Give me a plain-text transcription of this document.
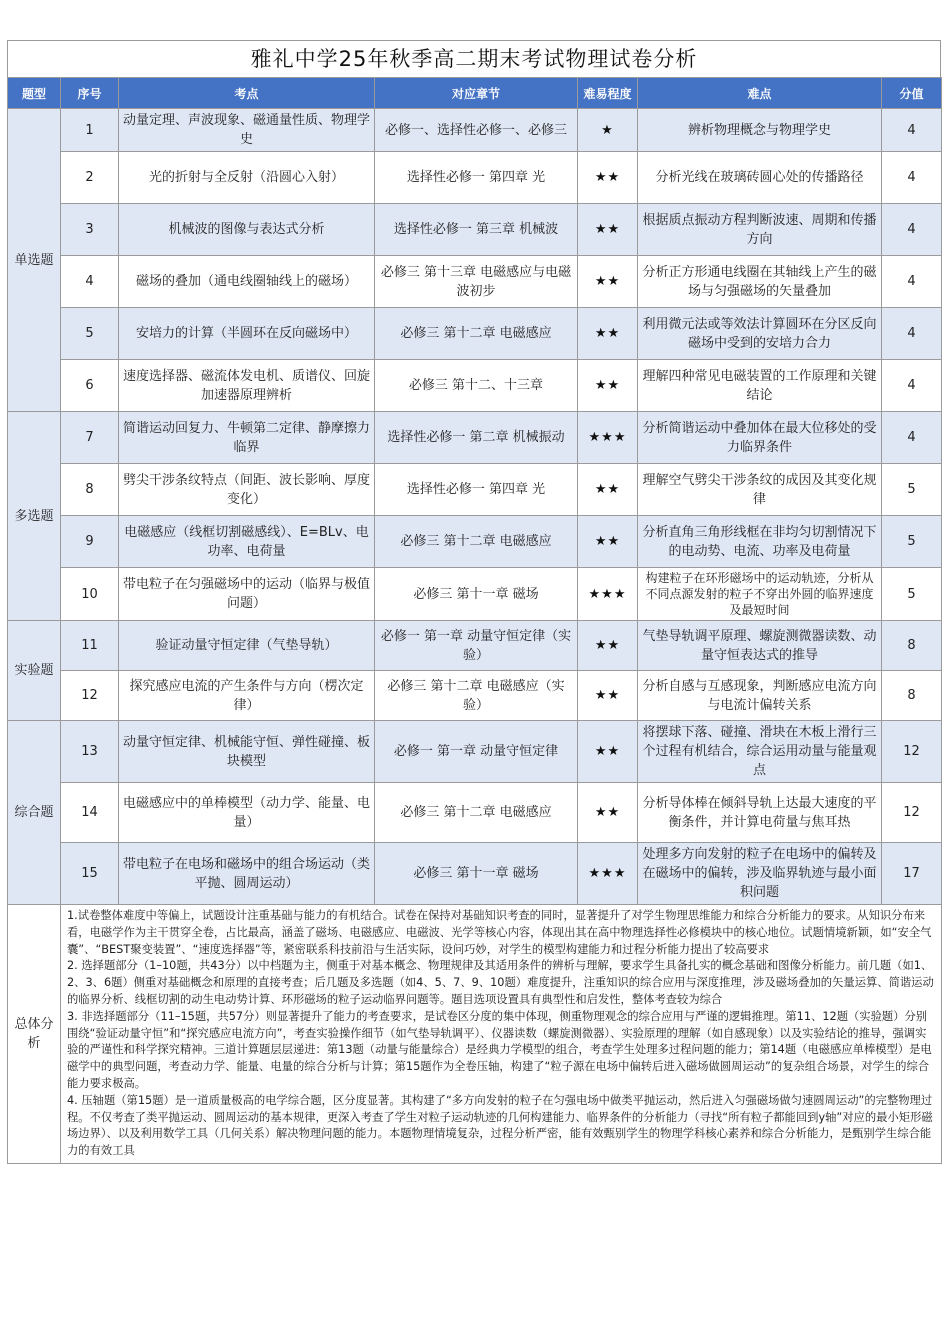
雅礼中学25年秋季高二期末考试物理试卷分析
题型	序号	考点	对应章节	难易程度	难点	分值
单选题	1	动量定理、声波现象、磁通量性质、物理学史	必修一、选择性必修一、必修三	★	辨析物理概念与物理学史	4
	2	光的折射与全反射（沿圆心入射）	选择性必修一 第四章 光	★★	分析光线在玻璃砖圆心处的传播路径	4
	3	机械波的图像与表达式分析	选择性必修一 第三章 机械波	★★	根据质点振动方程判断波速、周期和传播方向	4
	4	磁场的叠加（通电线圈轴线上的磁场）	必修三 第十三章 电磁感应与电磁波初步	★★	分析正方形通电线圈在其轴线上产生的磁场与匀强磁场的矢量叠加	4
	5	安培力的计算（半圆环在反向磁场中）	必修三 第十二章 电磁感应	★★	利用微元法或等效法计算圆环在分区反向磁场中受到的安培力合力	4
	6	速度选择器、磁流体发电机、质谱仪、回旋加速器原理辨析	必修三 第十二、十三章	★★	理解四种常见电磁装置的工作原理和关键结论	4
多选题	7	简谐运动回复力、牛顿第二定律、静摩擦力临界	选择性必修一 第二章 机械振动	★★★	分析简谐运动中叠加体在最大位移处的受力临界条件	4
	8	劈尖干涉条纹特点（间距、波长影响、厚度变化）	选择性必修一 第四章 光	★★	理解空气劈尖干涉条纹的成因及其变化规律	5
	9	电磁感应（线框切割磁感线）、E=BLv、电功率、电荷量	必修三 第十二章 电磁感应	★★	分析直角三角形线框在非均匀切割情况下的电动势、电流、功率及电荷量	5
	10	带电粒子在匀强磁场中的运动（临界与极值问题）	必修三 第十一章 磁场	★★★	构建粒子在环形磁场中的运动轨迹，分析从不同点源发射的粒子不穿出外圆的临界速度及最短时间	5
实验题	11	验证动量守恒定律（气垫导轨）	必修一 第一章 动量守恒定律（实验）	★★	气垫导轨调平原理、螺旋测微器读数、动量守恒表达式的推导	8
	12	探究感应电流的产生条件与方向（楞次定律）	必修三 第十二章 电磁感应（实验）	★★	分析自感与互感现象，判断感应电流方向与电流计偏转关系	8
综合题	13	动量守恒定律、机械能守恒、弹性碰撞、板块模型	必修一 第一章 动量守恒定律	★★	将摆球下落、碰撞、滑块在木板上滑行三个过程有机结合，综合运用动量与能量观点	12
	14	电磁感应中的单棒模型（动力学、能量、电量）	必修三 第十二章 电磁感应	★★	分析导体棒在倾斜导轨上达最大速度的平衡条件，并计算电荷量与焦耳热	12
	15	带电粒子在电场和磁场中的组合场运动（类平抛、圆周运动）	必修三 第十一章 磁场	★★★	处理多方向发射的粒子在电场中的偏转及在磁场中的偏转，涉及临界轨迹与最小面积问题	17
总体分析	1.试卷整体难度中等偏上，试题设计注重基础与能力的有机结合。试卷在保持对基础知识考查的同时，显著提升了对学生物理思维能力和综合分析能力的要求。从知识分布来看，电磁学作为主干贯穿全卷，占比最高，涵盖了磁场、电磁感应、电磁波、光学等核心内容，体现出其在高中物理选择性必修模块中的核心地位。试题情境新颖，如“安全气囊”、“BEST聚变装置”、“速度选择器”等，紧密联系科技前沿与生活实际，设问巧妙，对学生的模型构建能力和过程分析能力提出了较高要求

2. 选择题部分（1–10题，共43分）以中档题为主，侧重于对基本概念、物理规律及其适用条件的辨析与理解，要求学生具备扎实的概念基础和图像分析能力。前几题（如1、2、3、6题）侧重对基础概念和原理的直接考查；后几题及多选题（如4、5、7、9、10题）难度提升，注重知识的综合应用与深度推理，涉及磁场叠加的矢量运算、简谐运动的临界分析、线框切割的动生电动势计算、环形磁场的粒子运动临界问题等。题目选项设置具有典型性和启发性，整体考查较为综合

3. 非选择题部分（11–15题，共57分）则显著提升了能力的考查要求，是试卷区分度的集中体现，侧重物理观念的综合应用与严谨的逻辑推理。第11、12题（实验题）分别围绕“验证动量守恒”和“探究感应电流方向”，考查实验操作细节（如气垫导轨调平）、仪器读数（螺旋测微器）、实验原理的理解（如自感现象）以及实验结论的推导，强调实验的严谨性和科学探究精神。三道计算题层层递进：第13题（动量与能量综合）是经典力学模型的组合，考查学生处理多过程问题的能力；第14题（电磁感应单棒模型）是电磁学中的典型问题，考查动力学、能量、电量的综合分析与计算；第15题作为全卷压轴，构建了“粒子源在电场中偏转后进入磁场做圆周运动”的复杂组合场景，对学生的综合能力要求极高。

4. 压轴题（第15题）是一道质量极高的电学综合题，区分度显著。其构建了“多方向发射的粒子在匀强电场中做类平抛运动，然后进入匀强磁场做匀速圆周运动”的完整物理过程。不仅考查了类平抛运动、圆周运动的基本规律，更深入考查了学生对粒子运动轨迹的几何构建能力、临界条件的分析能力（寻找“所有粒子都能回到y轴”对应的最小矩形磁场边界）、以及利用数学工具（几何关系）解决物理问题的能力。本题物理情境复杂，过程分析严密，能有效甄别学生的物理学科核心素养和综合分析能力，是甄别学生综合能力的有效工具					
